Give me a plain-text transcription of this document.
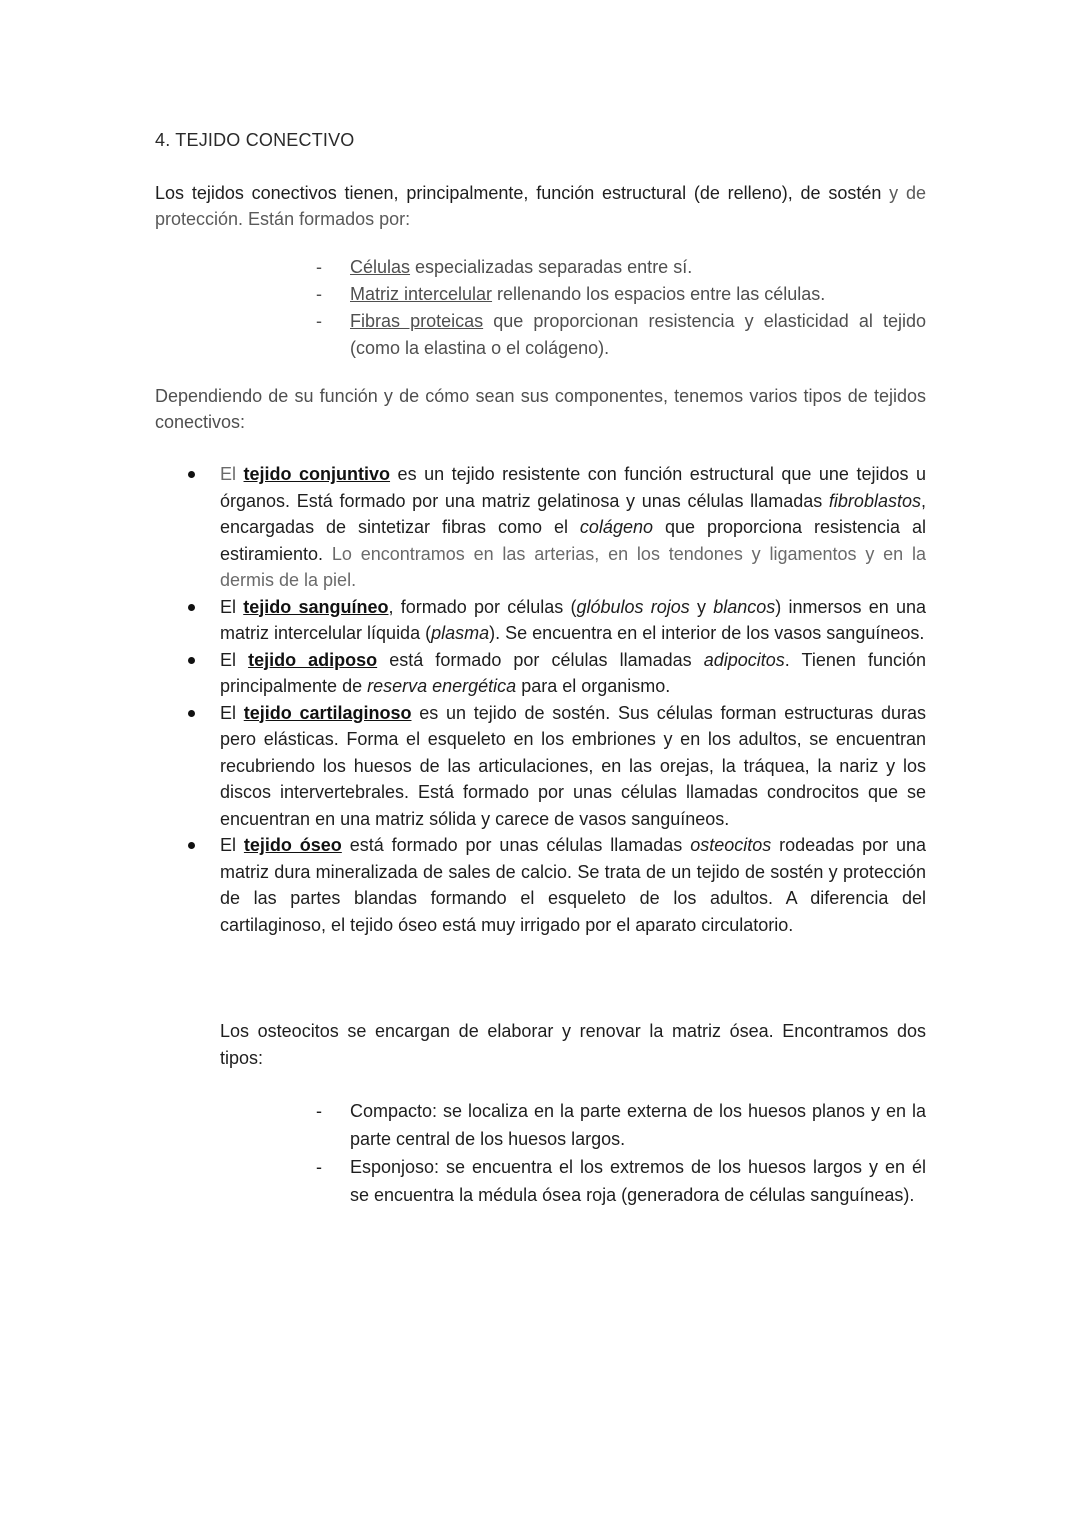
4. TEJIDO CONECTIVO

Los tejidos conectivos tienen, principalmente, función estructural (de relleno), de sostén y de protección. Están formados por:

- Células especializadas separadas entre sí.
- Matriz intercelular rellenando los espacios entre las células.
- Fibras proteicas que proporcionan resistencia y elasticidad al tejido (como la elastina o el colágeno).

Dependiendo de su función y de cómo sean sus componentes, tenemos varios tipos de tejidos conectivos:

El tejido conjuntivo es un tejido resistente con función estructural que une tejidos u órganos. Está formado por una matriz gelatinosa y unas células llamadas fibroblastos, encargadas de sintetizar fibras como el colágeno que proporciona resistencia al estiramiento. Lo encontramos en las arterias, en los tendones y ligamentos y en la dermis de la piel.
El tejido sanguíneo, formado por células (glóbulos rojos y blancos) inmersos en una matriz intercelular líquida (plasma). Se encuentra en el interior de los vasos sanguíneos.
El tejido adiposo está formado por células llamadas adipocitos. Tienen función principalmente de reserva energética para el organismo.
El tejido cartilaginoso es un tejido de sostén. Sus células forman estructuras duras pero elásticas. Forma el esqueleto en los embriones y en los adultos, se encuentran recubriendo los huesos de las articulaciones, en las orejas, la tráquea, la nariz y los discos intervertebrales. Está formado por unas células llamadas condrocitos que se encuentran en una matriz sólida y carece de vasos sanguíneos.
El tejido óseo está formado por unas células llamadas osteocitos rodeadas por una matriz dura mineralizada de sales de calcio. Se trata de un tejido de sostén y protección de las partes blandas formando el esqueleto de los adultos. A diferencia del cartilaginoso, el tejido óseo está muy irrigado por el aparato circulatorio.

Los osteocitos se encargan de elaborar y renovar la matriz ósea. Encontramos dos tipos:

- Compacto: se localiza en la parte externa de los huesos planos y en la parte central de los huesos largos.
- Esponjoso: se encuentra el los extremos de los huesos largos y en él se encuentra la médula ósea roja (generadora de células sanguíneas).
